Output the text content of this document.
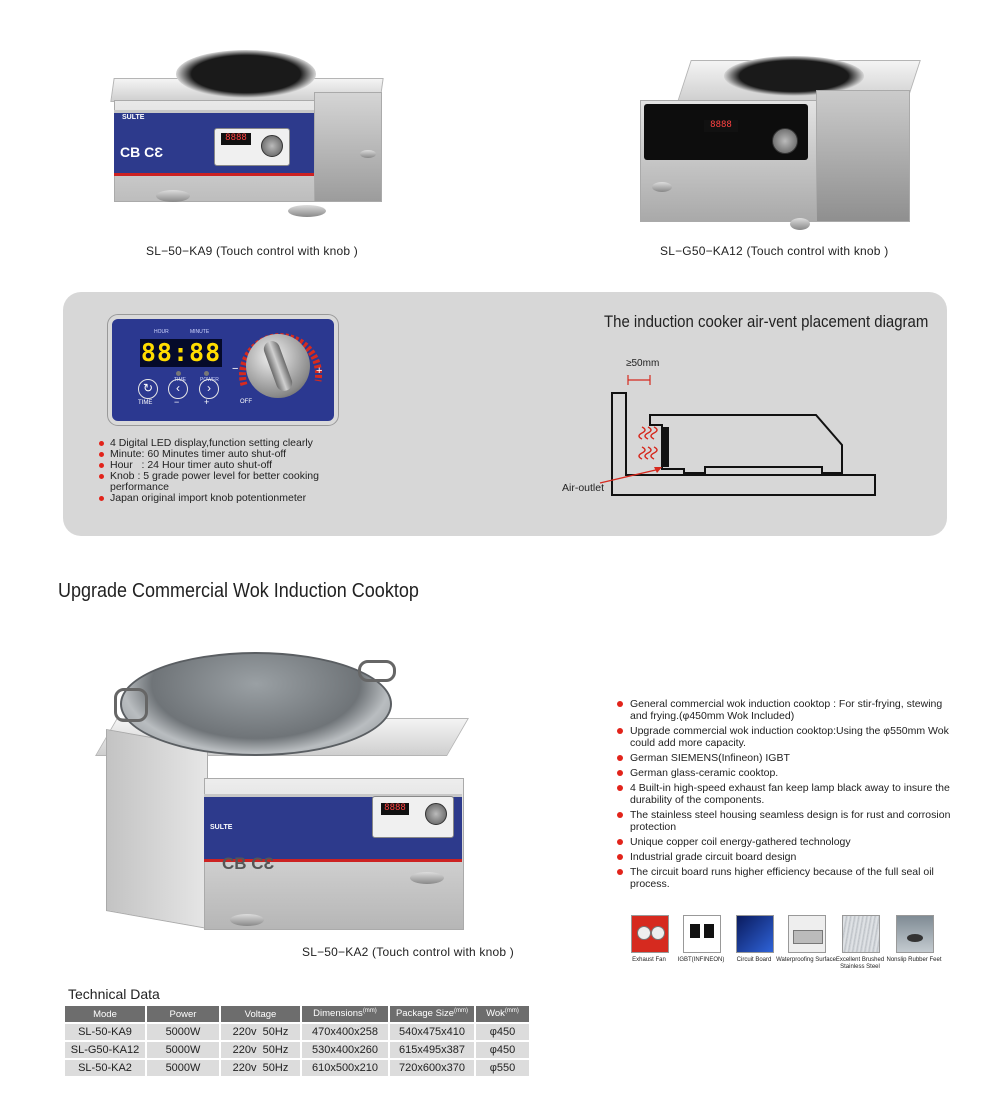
SULTE
CB CƐ
8888
SL−50−KA9 (Touch control with knob )
8888
SL−G50−KA12 (Touch control with knob )
HOUR	MINUTE
88:88
TIME	POWER
↻	‹	›
TIME −	+
−	+
OFF
4 Digital LED display,function setting clearly
Minute: 60 Minutes timer auto shut-off
Hour   : 24 Hour timer auto shut-off
Knob : 5 grade power level for better cooking performance
Japan original import knob potentionmeter
The induction cooker air-vent placement diagram
≥50mm
Air-outlet
Upgrade Commercial Wok Induction Cooktop
SULTE
CB CƐ
8888
SL−50−KA2 (Touch control with knob )
General commercial wok induction cooktop : For stir-frying, stewing and frying.(φ450mm Wok Included)
Upgrade commercial wok induction cooktop:Using the φ550mm Wok could add more capacity.
German SIEMENS(Infineon) IGBT
German glass-ceramic cooktop.
4 Built-in high-speed exhaust fan keep lamp black away to insure the durability of the components.
The stainless steel housing seamless design is for rust and corrosion protection
Unique copper coil energy-gathered technology
Industrial grade circuit board design
The circuit board runs higher efficiency because of the full seal oil process.
Exhaust Fan	IGBT(INFINEON)	Circuit Board Waterproofing Surface Excellent Brushed Stainless Steel
Nonslip Rubber Feet
Technical Data
Mode	Power	Voltage	Dimensions$^{(mm)}$	Package Size$^{(mm)}$	Wok$^{(mm)}$
SL-50-KA9	5000W	220v  50Hz	470x400x258	540x475x410	φ450
SL-G50-KA12	5000W	220v  50Hz	530x400x260	615x495x387	φ450
SL-50-KA2	5000W	220v  50Hz	610x500x210	720x600x370	φ550
